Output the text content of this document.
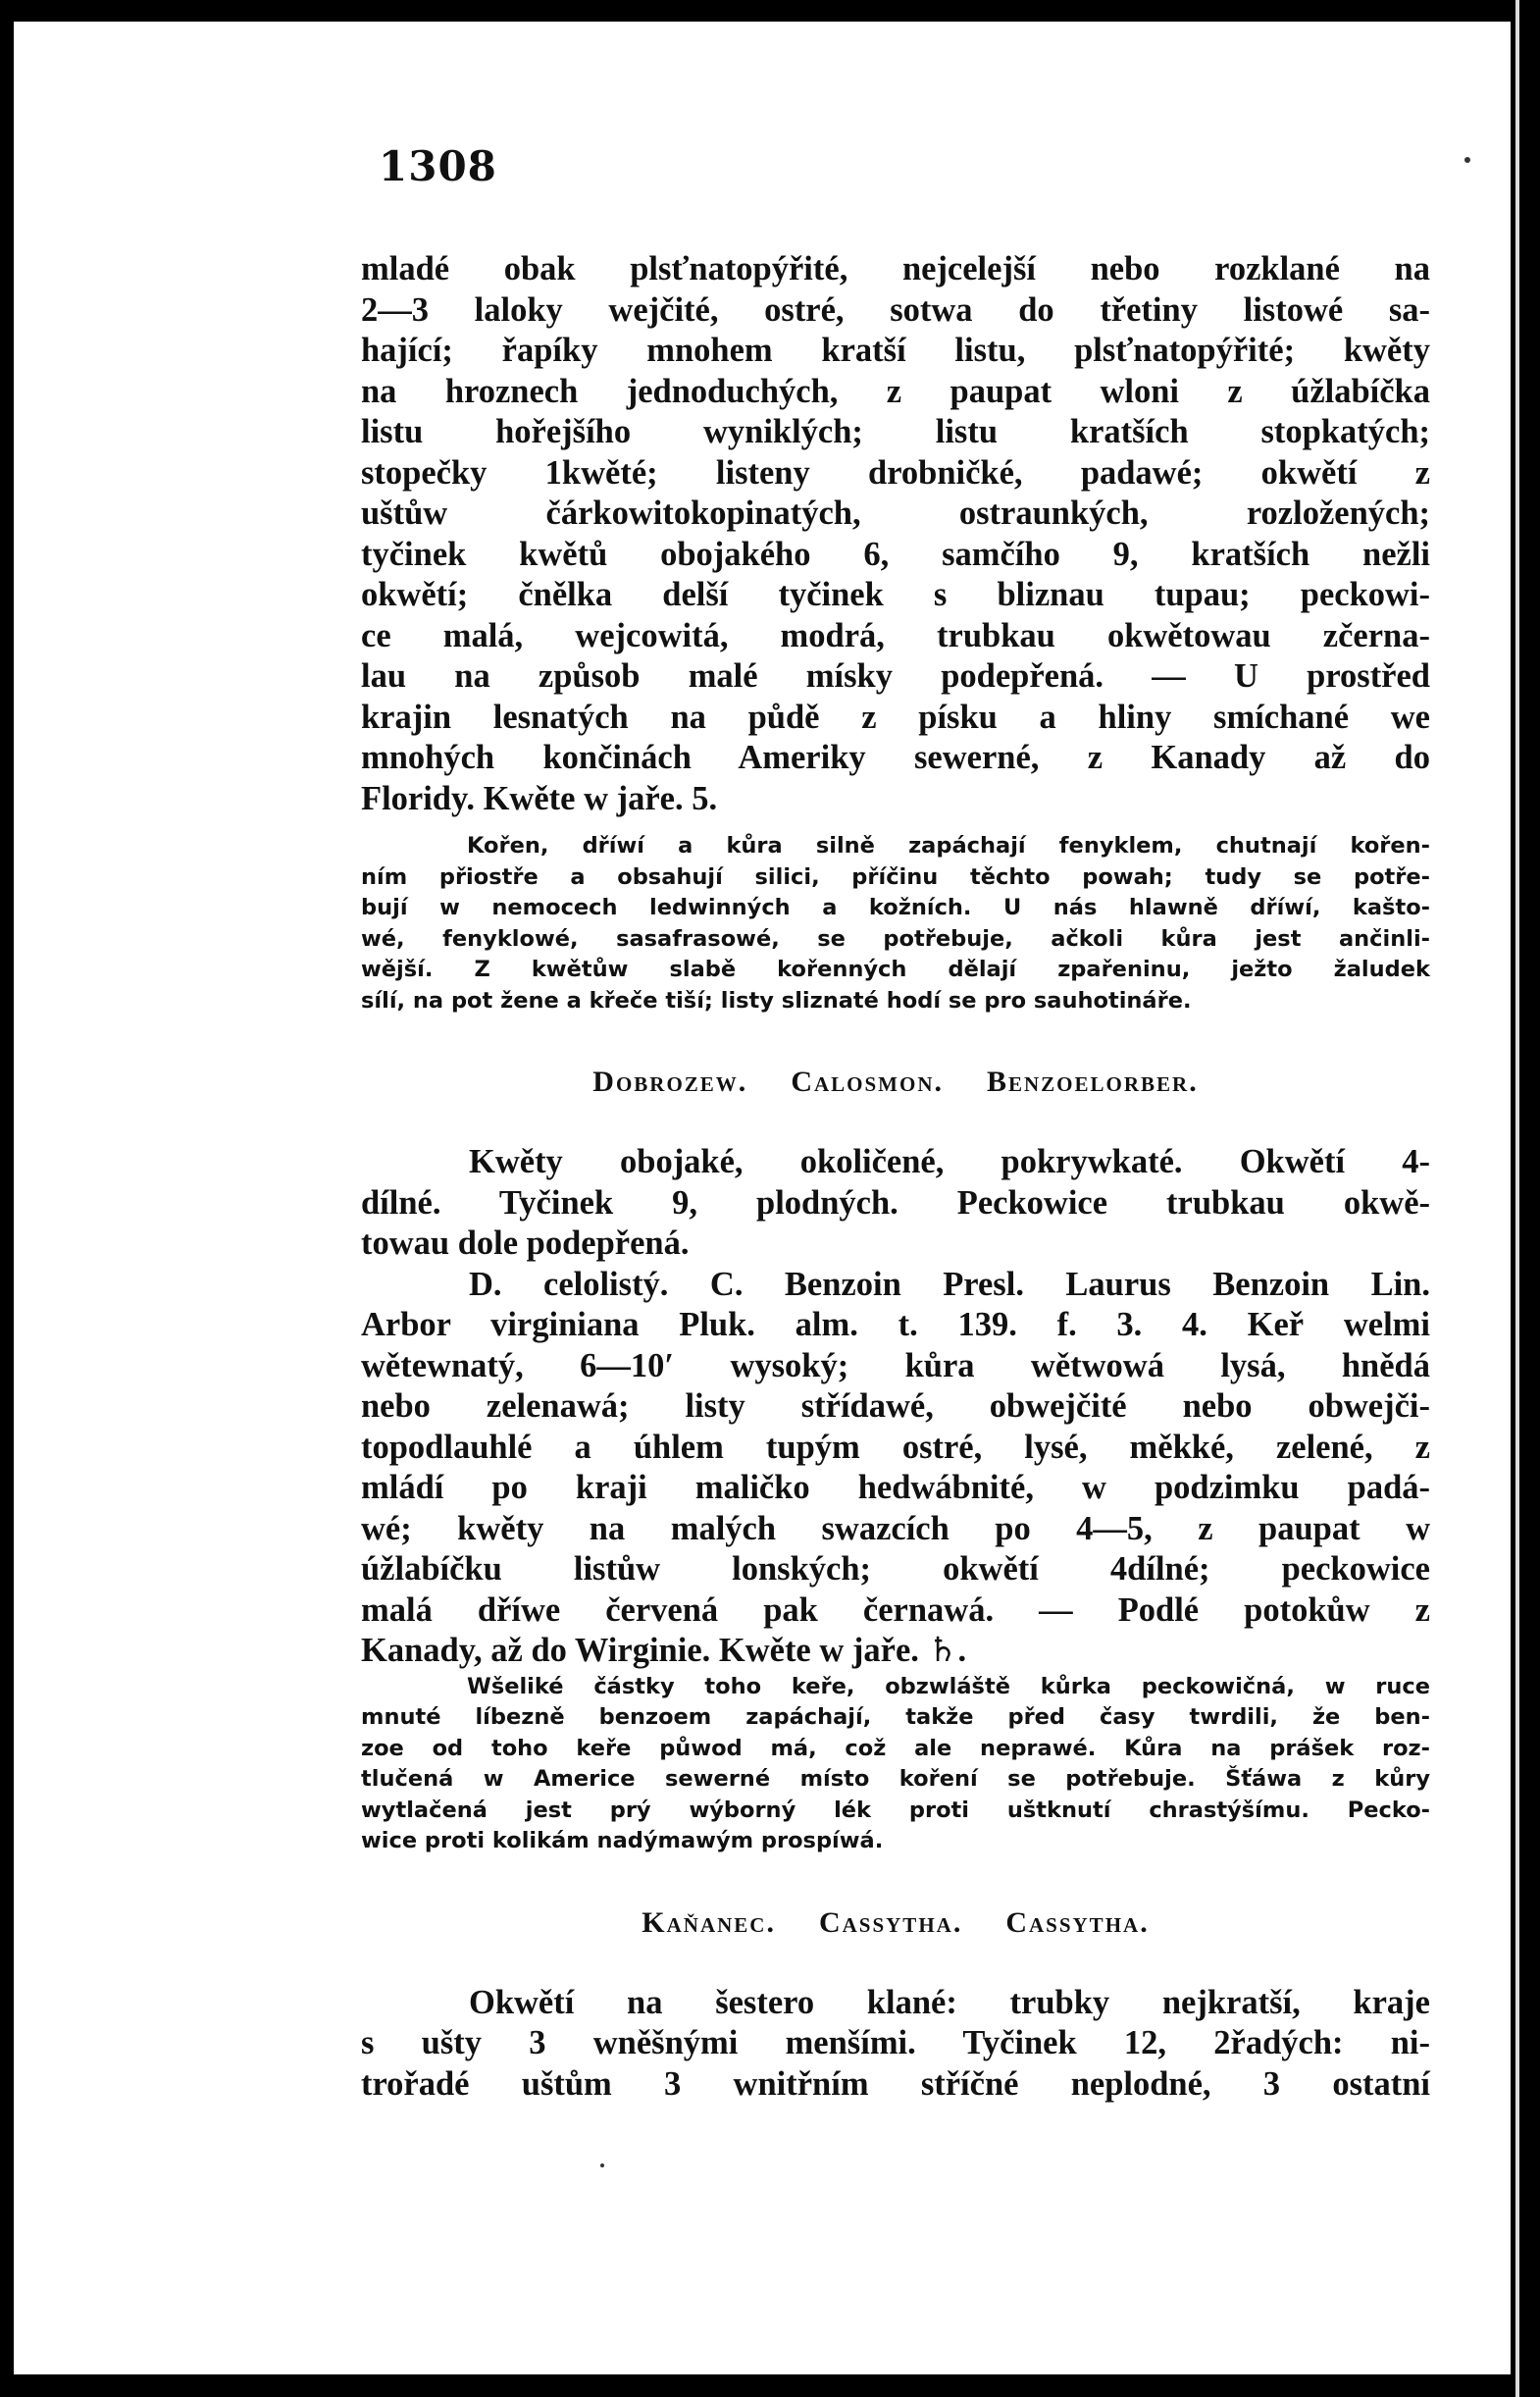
1308
mladé obak plsťnatopýřité, nejcelejší nebo rozklané na
2—3 laloky wejčité, ostré, sotwa do třetiny listowé sa-
hající; řapíky mnohem kratší listu, plsťnatopýřité; kwěty
na hroznech jednoduchých, z paupat wloni z úžlabíčka
listu hořejšího wyniklých; listu kratších stopkatých;
stopečky 1kwěté; listeny drobničké, padawé; okwětí z
uštůw čárkowitokopinatých, ostraunkých, rozložených;
tyčinek kwětů obojakého 6, samčího 9, kratších nežli
okwětí; čnělka delší tyčinek s bliznau tupau; peckowi-
ce malá, wejcowitá, modrá, trubkau okwětowau zčerna-
lau na způsob malé mísky podepřená. — U prostřed
krajin lesnatých na půdě z písku a hliny smíchané we
mnohých končinách Ameriky sewerné, z Kanady až do
Floridy. Kwěte w jaře. 5.
Kořen, dříwí a kůra silně zapáchají fenyklem, chutnají kořen-
ním přiostře a obsahují silici, příčinu těchto powah; tudy se potře-
bují w nemocech ledwinných a kožních. U nás hlawně dříwí, kašto-
wé, fenyklowé, sasafrasowé, se potřebuje, ačkoli kůra jest ančinli-
wější. Z kwětůw slabě kořenných dělají zpařeninu, ježto žaludek
sílí, na pot žene a křeče tiší; listy sliznaté hodí se pro sauhotináře.
Dobrozew. Calosmon. Benzoelorber.
Kwěty obojaké, okoličené, pokrywkaté. Okwětí 4-
dílné. Tyčinek 9, plodných. Peckowice trubkau okwě-
towau dole podepřená.
D. celolistý. C. Benzoin Presl. Laurus Benzoin Lin.
Arbor virginiana Pluk. alm. t. 139. f. 3. 4. Keř welmi
wětewnatý, 6—10′ wysoký; kůra wětwowá lysá, hnědá
nebo zelenawá; listy střídawé, obwejčité nebo obwejči-
topodlauhlé a úhlem tupým ostré, lysé, měkké, zelené, z
mládí po kraji maličko hedwábnité, w podzimku padá-
wé; kwěty na malých swazcích po 4—5, z paupat w
úžlabíčku listůw lonských; okwětí 4dílné; peckowice
malá dříwe červená pak černawá. — Podlé potokůw z
Kanady, až do Wirginie. Kwěte w jaře. ♄.
Wšeliké částky toho keře, obzwláště kůrka peckowičná, w ruce
mnuté líbezně benzoem zapáchají, takže před časy twrdili, že ben-
zoe od toho keře půwod má, což ale neprawé. Kůra na prášek roz-
tlučená w Americe sewerné místo koření se potřebuje. Šťáwa z kůry
wytlačená jest prý wýborný lék proti uštknutí chrastýšímu. Pecko-
wice proti kolikám nadýmawým prospíwá.
Kaňanec. Cassytha. Cassytha.
Okwětí na šestero klané: trubky nejkratší, kraje
s ušty 3 wněšnými menšími. Tyčinek 12, 2řadých: ni-
trořadé uštům 3 wnitřním stříčné neplodné, 3 ostatní
